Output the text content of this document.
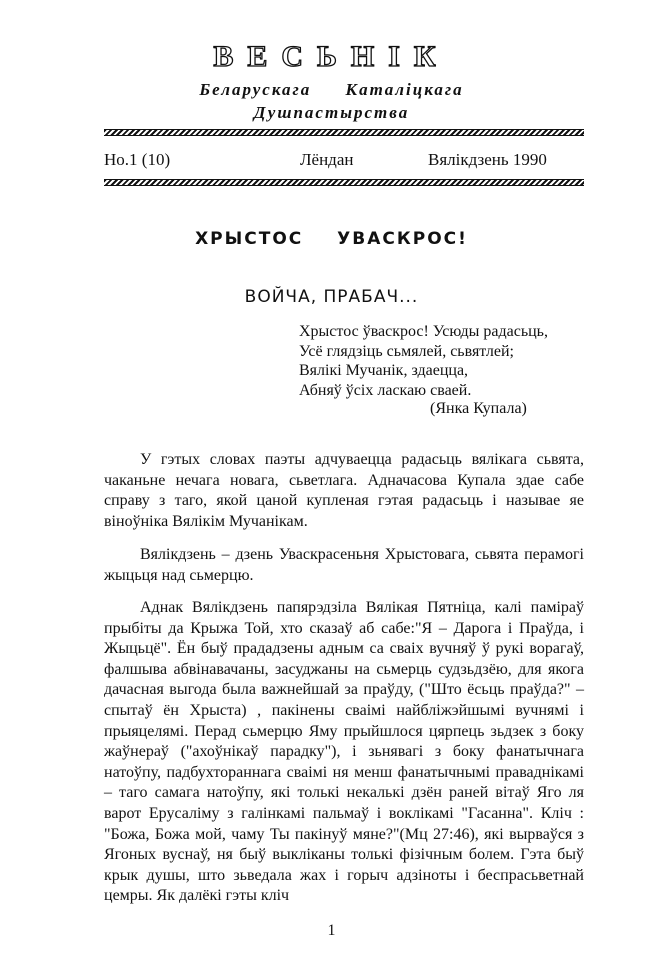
ВЕСЬНІК
Беларускага Каталіцкага
Душпастырства
Но.1 (10)	Лёндан	Вялікдзень 1990
ХРЫСТОС УВАСКРОС!
ВОЙЧА, ПРАБАЧ...
Хрыстос ўваскрос! Усюды радасьць,
Усё глядзіць сьмялей, сьвятлей;
Вялікі Мучанік, здаецца,
Абняў ўсіх ласкаю сваей.
(Янка Купала)
У гэтых словах паэты адчуваецца радасьць вялікага сьвята, чаканьне нечага новага, сьветлага. Адначасова Купала здае сабе справу з таго, якой цаной купленая гэтая радасьць і называе яе віноўніка Вялікім Мучанікам.
Вялікдзень – дзень Уваскрасеньня Хрыстовага, сьвята перамогі жыцьця над сьмерцю.
Аднак Вялікдзень папярэдзіла Вялікая Пятніца, калі паміраў прыбіты да Крыжа Той, хто сказаў аб сабе:"Я – Дарога і Праўда, і Жыцьцё". Ён быў прададзены адным са сваіх вучняў ў рукі ворагаў, фалшыва абвінавачаны, засуджаны на сьмерць судзьдзёю, для якога дачасная выгода была важнейшай за праўду, ("Што ёсьць праўда?" – спытаў ён Хрыста) , пакінены сваімі найбліжэйшымі вучнямі і прыяцелямі. Перад сьмерцю Яму прыйшлося цярпець зьдзек з боку жаўнераў ("ахоўнікаў парадку"), і зьнявагі з боку фанатычнага натоўпу, падбухтораннага сваімі ня менш фанатычнымі праваднікамі – таго самага натоўпу, які толькі некалькі дзён раней вітаў Яго ля варот Ерусаліму з галінкамі пальмаў і воклікамі "Гасанна". Кліч : "Божа, Божа мой, чаму Ты пакінуў мяне?"(Мц 27:46), які вырваўся з Ягоных вуснаў, ня быў выкліканы толькі фізічным болем. Гэта быў крык душы, што зьведала жах і горыч адзіноты і беспрасьветнай цемры. Як далёкі гэты кліч
1
